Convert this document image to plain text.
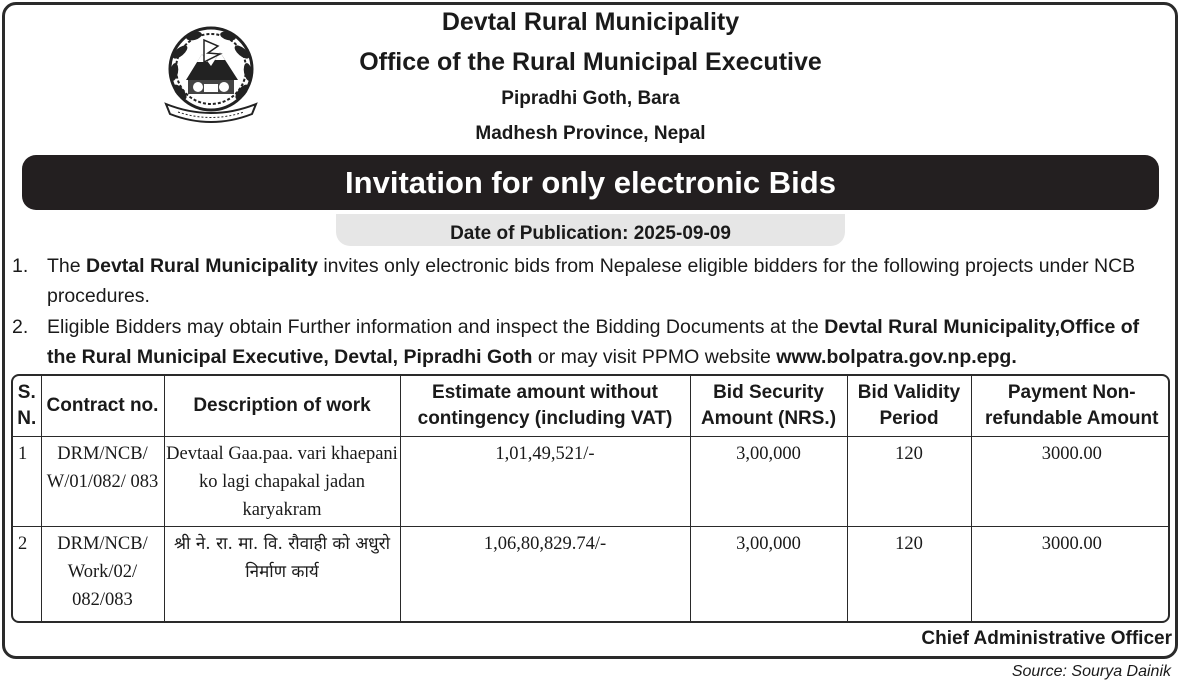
Devtal Rural Municipality
Office of the Rural Municipal Executive
Pipradhi Goth, Bara
Madhesh Province, Nepal
Invitation for only electronic Bids
Date of Publication: 2025-09-09
1. The Devtal Rural Municipality invites only electronic bids from Nepalese eligible bidders for the following projects under NCB procedures.
2. Eligible Bidders may obtain Further information and inspect the Bidding Documents at the Devtal Rural Municipality,Office of the Rural Municipal Executive, Devtal, Pipradhi Goth or may visit PPMO website www.bolpatra.gov.np.epg.
S. N.	Contract no.	Description of work	Estimate amount without contingency (including VAT)	Bid Security Amount (NRS.)	Bid Validity Period	Payment Non-refundable Amount
1	DRM/NCB/ W/01/082/ 083	Devtaal Gaa.paa. vari khaepani ko lagi chapakal jadan karyakram	1,01,49,521/-	3,00,000	120	3000.00
2	DRM/NCB/ Work/02/ 082/083	श्री ने. रा. मा. वि. रौवाही को अधुरो निर्माण कार्य	1,06,80,829.74/-	3,00,000	120	3000.00
Chief Administrative Officer
Source: Sourya Dainik
